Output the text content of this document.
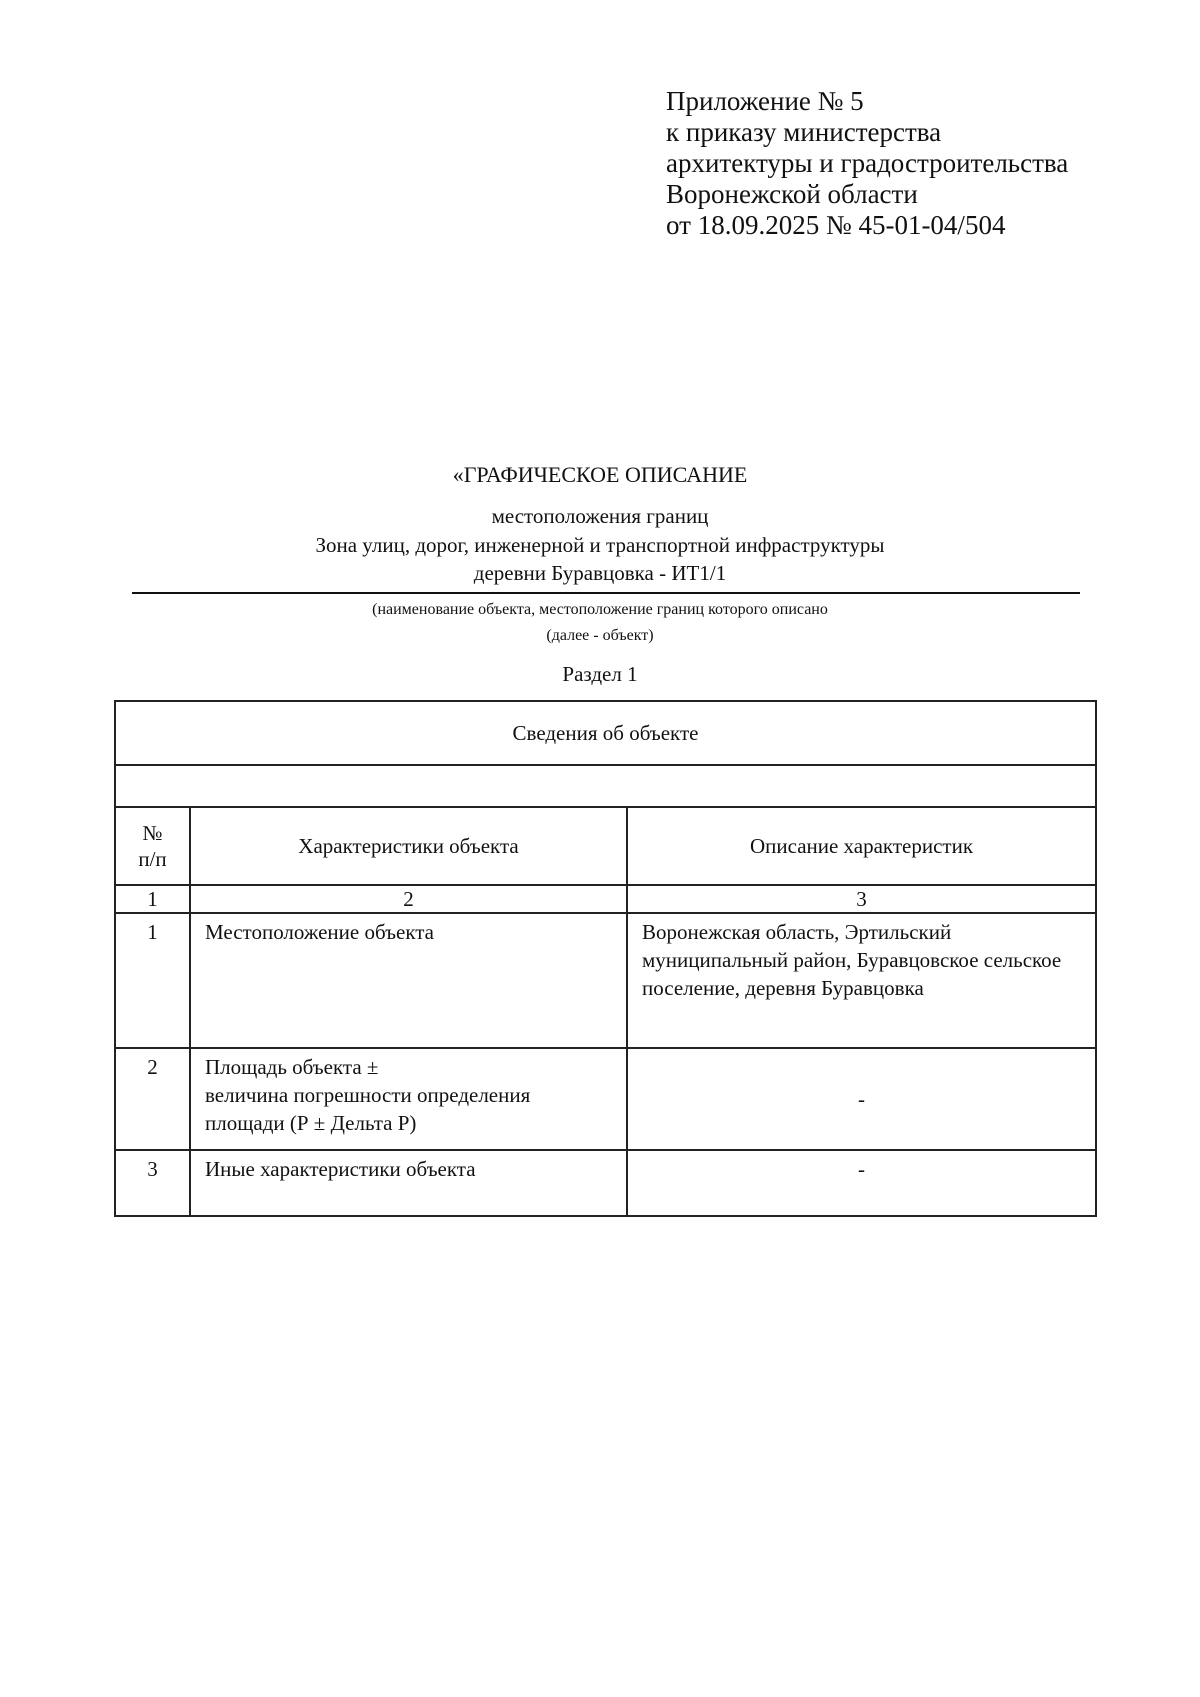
Приложение № 5
к приказу министерства
архитектуры и градостроительства
Воронежской области
от 18.09.2025 № 45-01-04/504
«ГРАФИЧЕСКОЕ ОПИСАНИЕ
местоположения границ
Зона улиц, дорог, инженерной и транспортной инфраструктуры
деревни Буравцовка - ИТ1/1
(наименование объекта, местоположение границ которого описано
(далее - объект)
Раздел 1
Сведения об объекте		

№
п/п	Характеристики объекта	Описание характеристик
1	2	3
1	Местоположение объекта	Воронежская область, Эртильский муниципальный район, Буравцовское сельское поселение, деревня Буравцовка
2	Площадь объекта ±
величина погрешности определения
площади (Р ± Дельта Р)	-
3	Иные характеристики объекта	-
